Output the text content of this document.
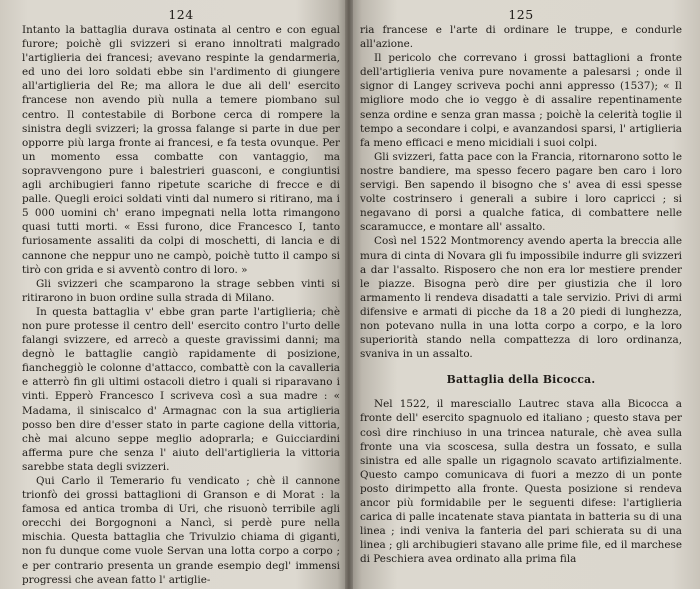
124

Intanto la battaglia durava ostinata al centro e con egual furore; poichè gli svizzeri si erano innoltrati malgrado l'artiglieria dei francesi; avevano respinte la gendarmeria, ed uno dei loro soldati ebbe sin l'ardimento di giungere all'artiglieria del Re; ma allora le due ali dell' esercito francese non avendo più nulla a temere piombano sul centro. Il contestabile di Borbone cerca di rompere la sinistra degli svizzeri; la grossa falange si parte in due per opporre più larga fronte ai francesi, e fa testa ovunque. Per un momento essa combatte con vantaggio, ma sopravvengono pure i balestrieri guasconi, e congiuntisi agli archibugieri fanno ripetute scariche di frecce e di palle. Quegli eroici soldati vinti dal numero si ritirano, ma i 5 000 uomini ch' erano impegnati nella lotta rimangono quasi tutti morti. « Essi furono, dice Francesco I, tanto furiosamente assaliti da colpi di moschetti, di lancia e di cannone che neppur uno ne campò, poichè tutto il campo si tirò con grida e si avventò contro di loro. »

Gli svizzeri che scamparono la strage sebben vinti si ritirarono in buon ordine sulla strada di Milano.

In questa battaglia v' ebbe gran parte l'artiglieria; chè non pure protesse il centro dell' esercito contro l'urto delle falangi svizzere, ed arrecò a queste gravissimi danni; ma degnò le battaglie cangiò rapidamente di posizione, fiancheggiò le colonne d'attacco, combattè con la cavalleria e atterrò fin gli ultimi ostacoli dietro i quali si riparavano i vinti. Epperò Francesco I scriveva così a sua madre : « Madama, il siniscalco d' Armagnac con la sua artiglieria posso ben dire d'esser stato in parte cagione della vittoria, chè mai alcuno seppe meglio adoprarla; e Guicciardini afferma pure che senza l' aiuto dell'artiglieria la vittoria sarebbe stata degli svizzeri.

Qui Carlo il Temerario fu vendicato ; chè il cannone trionfò dei grossi battaglioni di Granson e di Morat : la famosa ed antica tromba di Uri, che risuonò terribile agli orecchi dei Borgognoni a Nancì, si perdè pure nella mischia. Questa battaglia che Trivulzio chiama di giganti, non fu dunque come vuole Servan una lotta corpo a corpo ; e per contrario presenta un grande esempio degl' immensi progressi che avean fatto l' artiglie-

125

ria francese e l'arte di ordinare le truppe, e condurle all'azione.

Il pericolo che correvano i grossi battaglioni a fronte dell'artiglieria veniva pure novamente a palesarsi ; onde il signor di Langey scriveva pochi anni appresso (1537); « Il migliore modo che io veggo è di assalire repentinamente senza ordine e senza gran massa ; poichè la celerità toglie il tempo a secondare i colpi, e avanzandosi sparsi, l' artiglieria fa meno efficaci e meno micidiali i suoi colpi.

Gli svizzeri, fatta pace con la Francia, ritornarono sotto le nostre bandiere, ma spesso fecero pagare ben caro i loro servigi. Ben sapendo il bisogno che s' avea di essi spesse volte costrinsero i generali a subire i loro capricci ; si negavano di porsi a qualche fatica, di combattere nelle scaramucce, e montare all' assalto.

Così nel 1522 Montmorency avendo aperta la breccia alle mura di cinta di Novara gli fu impossibile indurre gli svizzeri a dar l'assalto. Risposero che non era lor mestiere prender le piazze. Bisogna però dire per giustizia che il loro armamento li rendeva disadatti a tale servizio. Privi di armi difensive e armati di picche da 18 a 20 piedi di lunghezza, non potevano nulla in una lotta corpo a corpo, e la loro superiorità stando nella compattezza di loro ordinanza, svaniva in un assalto.

Battaglia della Bicocca.

Nel 1522, il maresciallo Lautrec stava alla Bicocca a fronte dell' esercito spagnuolo ed italiano ; questo stava per così dire rinchiuso in una trincea naturale, chè avea sulla fronte una via scoscesa, sulla destra un fossato, e sulla sinistra ed alle spalle un rigagnolo scavato artifizialmente. Questo campo comunicava di fuori a mezzo di un ponte posto dirimpetto alla fronte. Questa posizione si rendeva ancor più formidabile per le seguenti difese: l'artiglieria carica di palle incatenate stava piantata in batteria su di una linea ; indi veniva la fanteria del pari schierata su di una linea ; gli archibugieri stavano alle prime file, ed il marchese di Peschiera avea ordinato alla prima fila
